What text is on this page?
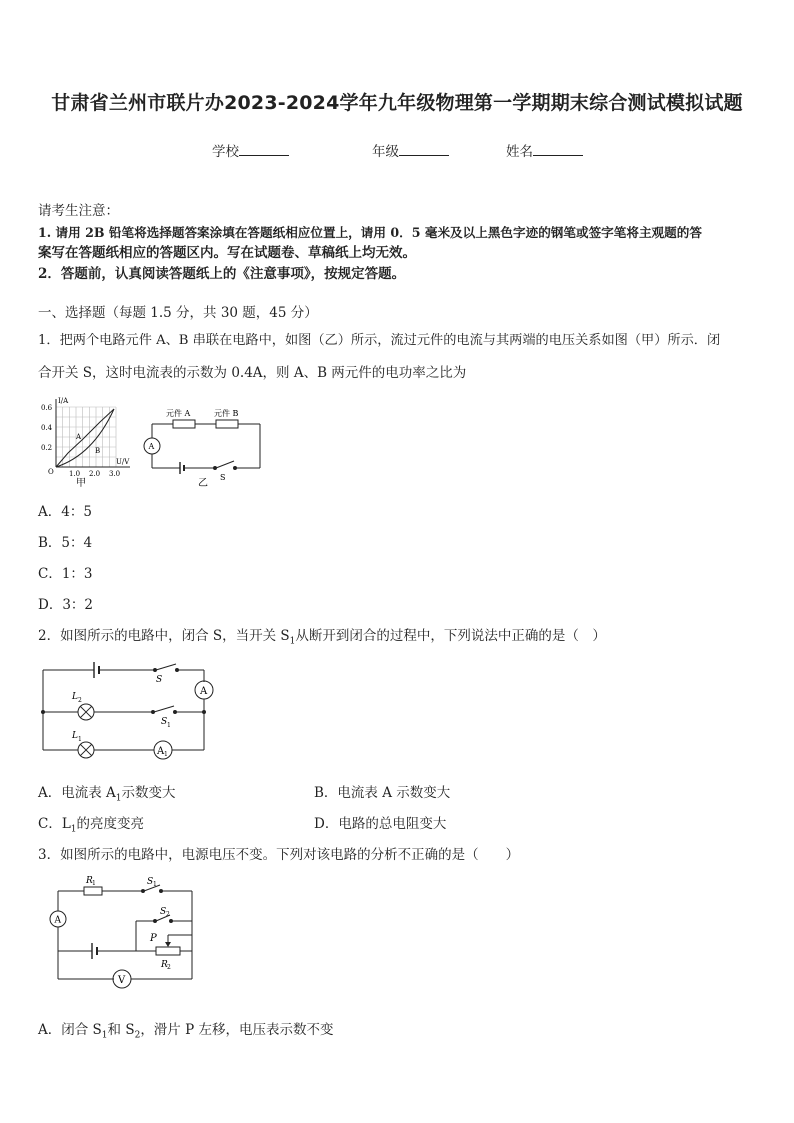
甘肃省兰州市联片办2023-2024学年九年级物理第一学期期末综合测试模拟试题
学校	年级	姓名
请考生注意：
1. 请用 2B 铅笔将选择题答案涂填在答题纸相应位置上，请用 0．5 毫米及以上黑色字迹的钢笔或签字笔将主观题的答
案写在答题纸相应的答题区内。写在试题卷、草稿纸上均无效。
2．答题前，认真阅读答题纸上的《注意事项》，按规定答题。
一、选择题（每题 1.5 分，共 30 题，45 分）
1．把两个电路元件 A、B 串联在电路中，如图（乙）所示，流过元件的电流与其两端的电压关系如图（甲）所示．闭
合开关 S，这时电流表的示数为 0.4A，则 A、B 两元件的电功率之比为
I/A
U/V
0.6
0.4
0.2
1.0 2.0 3.0
O
A
B
甲
元件 A	元件 B
A
S
乙
A．4：5
B．5：4
C．1：3
D．3：2
2．如图所示的电路中，闭合 S，当开关 $S_1$从断开到闭合的过程中，下列说法中正确的是（　）
S
L 2
S 1
L 1
A
A 1
A．电流表 $A_1$示数变大	B．电流表 A 示数变大
C．$L_1$的亮度变亮	D．电路的总电阻变大
3．如图所示的电路中，电源电压不变。下列对该电路的分析不正确的是（　　）
R 1	S 1
S 2
A
P
R 2
V
A．闭合 $S_1$和 $S_2$，滑片 P 左移，电压表示数不变
